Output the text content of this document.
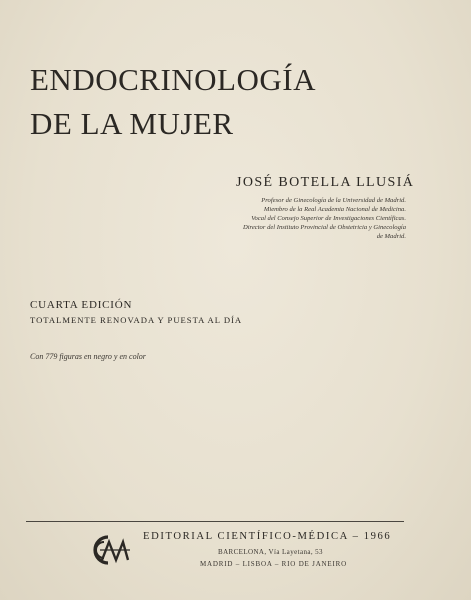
ENDOCRINOLOGÍA
DE LA MUJER
JOSÉ BOTELLA LLUSIÁ
Profesor de Ginecología de la Universidad de Madrid.
Miembro de la Real Academia Nacional de Medicina.
Vocal del Consejo Superior de Investigaciones Científicas.
Director del Instituto Provincial de Obstetricia y Ginecología
de Madrid.
CUARTA EDICIÓN
TOTALMENTE RENOVADA Y PUESTA AL DÍA
Con 779 figuras en negro y en color
EDITORIAL CIENTÍFICO-MÉDICA – 1966
BARCELONA, Vía Layetana, 53
MADRID – LISBOA – RIO DE JANEIRO
